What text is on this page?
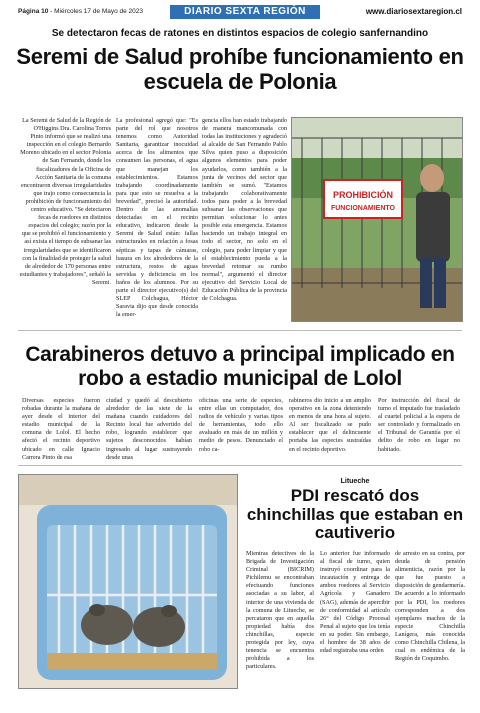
Página 10 - Miércoles 17 de Mayo de 2023	DIARIO SEXTA REGIÓN	www.diariosextaregion.cl
Se detectaron fecas de ratones en distintos espacios de colegio sanfernandino
Seremi de Salud prohíbe funcionamiento en escuela de Polonia
La Seremi de Salud de la Región de O'Higgins Dra. Carolina Torres Pinto informó que se realizó una inspección en el colegio Bernardo Moreno ubicado en el sector Polonia de San Fernando, donde los fiscalizadores de la Oficina de Acción Sanitaria de la comuna encontraron diversas irregularidades que trajo como consecuencia la prohibición de funcionamiento del centro educativo. "Se detectaron fecas de roedores en distintos espacios del colegio; razón por la que se prohibió el funcionamiento y así exista el tiempo de subsanar las irregularidades que se identificaron con la finalidad de proteger la salud de alrededor de 170 personas entre estudiantes y trabajadores", señaló la Seremi.
La profesional agregó que: "Es parte del rol que nosotros tenemos como Autoridad Sanitaria, garantizar inocuidad acerca de los alimentos que consumen las personas, el agua que manejan los establecimientos. Estamos trabajando coordinadamente para que esto se resuelva a la brevedad", precisó la autoridad. Dentro de las anomalías detectadas en el recinto educativo, indicaron desde la Seremi de Salud están: fallas estructurales en relación a fosas sépticas y tapas de cámaras, basura en los alrededores de la estructura, restos de aguas servidas y deficiencia en los baños de los alumnos. Por su parte el director ejecutivo(s) del SLEP Colchagua, Héctor Saravia dijo que desde conocida la emer-
gencia ellos han estado trabajando de manera mancomunada con todas las instituciones y agradeció al alcalde de San Fernando Pablo Silva quien puso a disposición algunos elementos para poder ayudarlos, como también a la junta de vecinos del sector que también se sumó. "Estamos trabajando colaborativamente todos para poder a la brevedad subsanar las observaciones que permitan solucionar lo antes posible esta emergencia. Estamos haciendo un trabajo integral en todo el sector, no solo en el colegio, para poder limpiar y que el establecimiento pueda a la brevedad retomar su rumbo normal", argumentó el director ejecutivo del Servicio Local de Educación Pública de la provincia de Colchagua.
PROHIBICIÓN
FUNCIONAMIENTO
Carabineros detuvo a principal implicado en robo a estadio municipal de Lolol
Diversas especies fueron robadas durante la mañana de ayer desde el interior del estadio municipal de la comuna de Lolol. El hecho afectó el recinto deportivo ubicado en calle Ignacio Carrera Pinto de esa
ciudad y quedó al descubierto alrededor de las siete de la mañana cuando cuidadores del Recinto local fue advertido del robo, logrando establecer que sujetos desconocidos habían ingresado al lugar sustrayendo desde unas
oficinas una serie de especies, entre ellas un computador, dos radios de vehículo y varias tipos de herramientas, todo ello avaluado en más de un millón y medio de pesos. Denunciado el robo ca-
rabineros dio inicio a un amplio operativo en la zona deteniendo en menos de una hora al sujeto. Al ser fiscalizado se pudo establecer que el delincuente portaba las especies sustraídas en el recinto deportivo.
Por instrucción del fiscal de turno el imputado fue trasladado al cuartel policial a la espera de ser controlado y formalizado en el Tribunal de Garantía por el delito de robo en lugar no habitado.
Litueche
PDI rescató dos chinchillas que estaban en cautiverio
Mientras detectives de la Brigada de Investigación Criminal (BICRIM) Pichilemu se encontraban efectuando funciones asociadas a su labor, al interior de una vivienda de la comuna de Litueche, se percataron que en aquella propiedad había dos chinchillas, especie protegida por ley, cuya tenencia se encuentra prohibida a los particulares.
Lo anterior fue informado al fiscal de turno, quien instruyó coordinar para la incautación y entrega de ambos roedores al Servicio Agrícola y Ganadero (SAG), además de apercibir de conformidad al artículo 26° del Código Procesal Penal al sujeto que los tenía en su poder. Sin embargo, el hombre de 38 años de edad registraba una orden
de arresto en su contra, por deuda de pensión alimenticia, razón por la que fue puesto a disposición de gendarmería. De acuerdo a lo informado por la PDI, los roedores corresponden a dos ejemplares machos de la especie Chinchilla Lanígera, más conocida como Chinchilla Chilena, la cual es endémica de la Región de Coquimbo.
